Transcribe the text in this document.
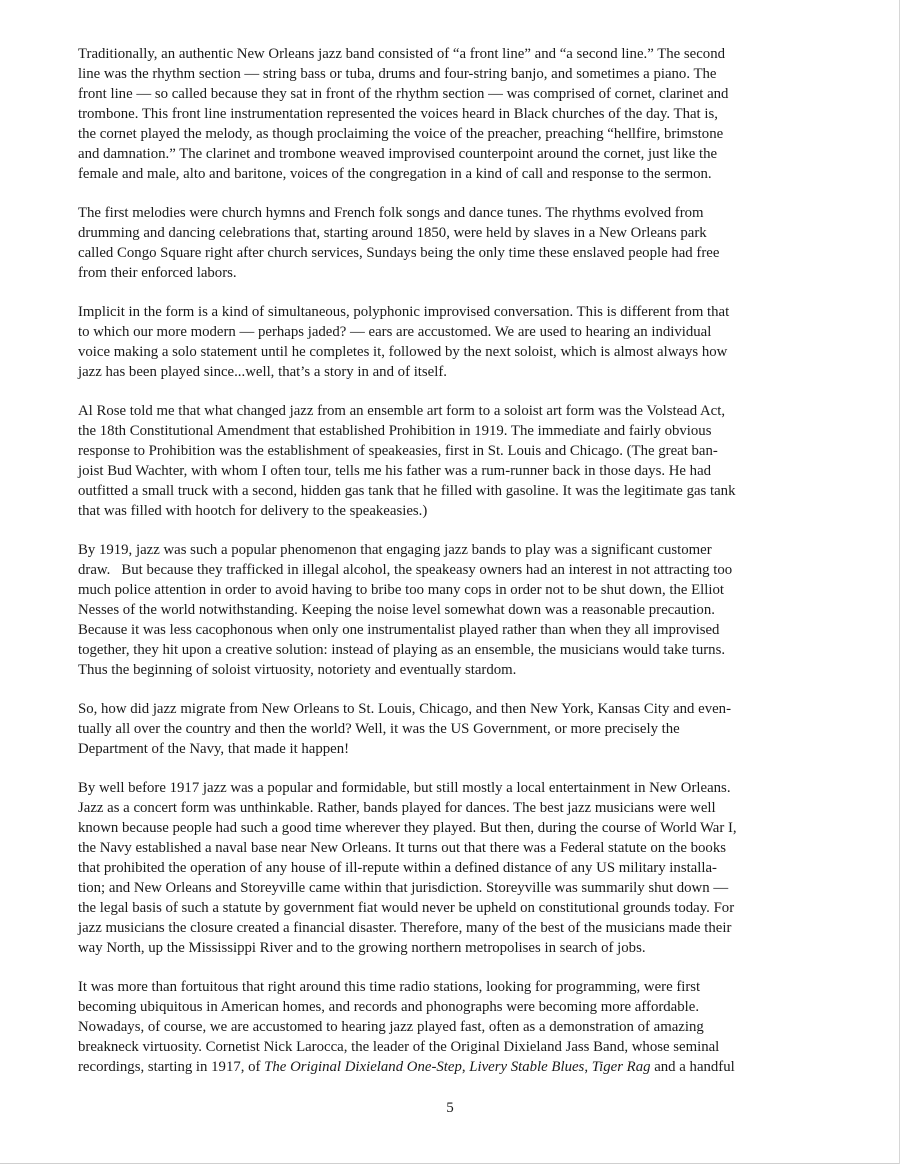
Traditionally, an authentic New Orleans jazz band consisted of “a front line” and “a second line.” The second
line was the rhythm section — string bass or tuba, drums and four-string banjo, and sometimes a piano. The
front line — so called because they sat in front of the rhythm section — was comprised of cornet, clarinet and
trombone. This front line instrumentation represented the voices heard in Black churches of the day. That is,
the cornet played the melody, as though proclaiming the voice of the preacher, preaching “hellfire, brimstone
and damnation.” The clarinet and trombone weaved improvised counterpoint around the cornet, just like the
female and male, alto and baritone, voices of the congregation in a kind of call and response to the sermon.

The first melodies were church hymns and French folk songs and dance tunes. The rhythms evolved from
drumming and dancing celebrations that, starting around 1850, were held by slaves in a New Orleans park
called Congo Square right after church services, Sundays being the only time these enslaved people had free
from their enforced labors.

Implicit in the form is a kind of simultaneous, polyphonic improvised conversation. This is different from that
to which our more modern — perhaps jaded? — ears are accustomed. We are used to hearing an individual
voice making a solo statement until he completes it, followed by the next soloist, which is almost always how
jazz has been played since...well, that’s a story in and of itself.

Al Rose told me that what changed jazz from an ensemble art form to a soloist art form was the Volstead Act,
the 18th Constitutional Amendment that established Prohibition in 1919. The immediate and fairly obvious
response to Prohibition was the establishment of speakeasies, first in St. Louis and Chicago. (The great ban-
joist Bud Wachter, with whom I often tour, tells me his father was a rum-runner back in those days. He had
outfitted a small truck with a second, hidden gas tank that he filled with gasoline. It was the legitimate gas tank
that was filled with hootch for delivery to the speakeasies.)

By 1919, jazz was such a popular phenomenon that engaging jazz bands to play was a significant customer
draw.   But because they trafficked in illegal alcohol, the speakeasy owners had an interest in not attracting too
much police attention in order to avoid having to bribe too many cops in order not to be shut down, the Elliot
Nesses of the world notwithstanding. Keeping the noise level somewhat down was a reasonable precaution.
Because it was less cacophonous when only one instrumentalist played rather than when they all improvised
together, they hit upon a creative solution: instead of playing as an ensemble, the musicians would take turns.
Thus the beginning of soloist virtuosity, notoriety and eventually stardom.

So, how did jazz migrate from New Orleans to St. Louis, Chicago, and then New York, Kansas City and even-
tually all over the country and then the world? Well, it was the US Government, or more precisely the
Department of the Navy, that made it happen!

By well before 1917 jazz was a popular and formidable, but still mostly a local entertainment in New Orleans.
Jazz as a concert form was unthinkable. Rather, bands played for dances. The best jazz musicians were well
known because people had such a good time wherever they played. But then, during the course of World War I,
the Navy established a naval base near New Orleans. It turns out that there was a Federal statute on the books
that prohibited the operation of any house of ill-repute within a defined distance of any US military installa-
tion; and New Orleans and Storeyville came within that jurisdiction. Storeyville was summarily shut down —
the legal basis of such a statute by government fiat would never be upheld on constitutional grounds today. For
jazz musicians the closure created a financial disaster. Therefore, many of the best of the musicians made their
way North, up the Mississippi River and to the growing northern metropolises in search of jobs.

It was more than fortuitous that right around this time radio stations, looking for programming, were first
becoming ubiquitous in American homes, and records and phonographs were becoming more affordable.
Nowadays, of course, we are accustomed to hearing jazz played fast, often as a demonstration of amazing
breakneck virtuosity. Cornetist Nick Larocca, the leader of the Original Dixieland Jass Band, whose seminal
recordings, starting in 1917, of The Original Dixieland One-Step, Livery Stable Blues, Tiger Rag and a handful

5
